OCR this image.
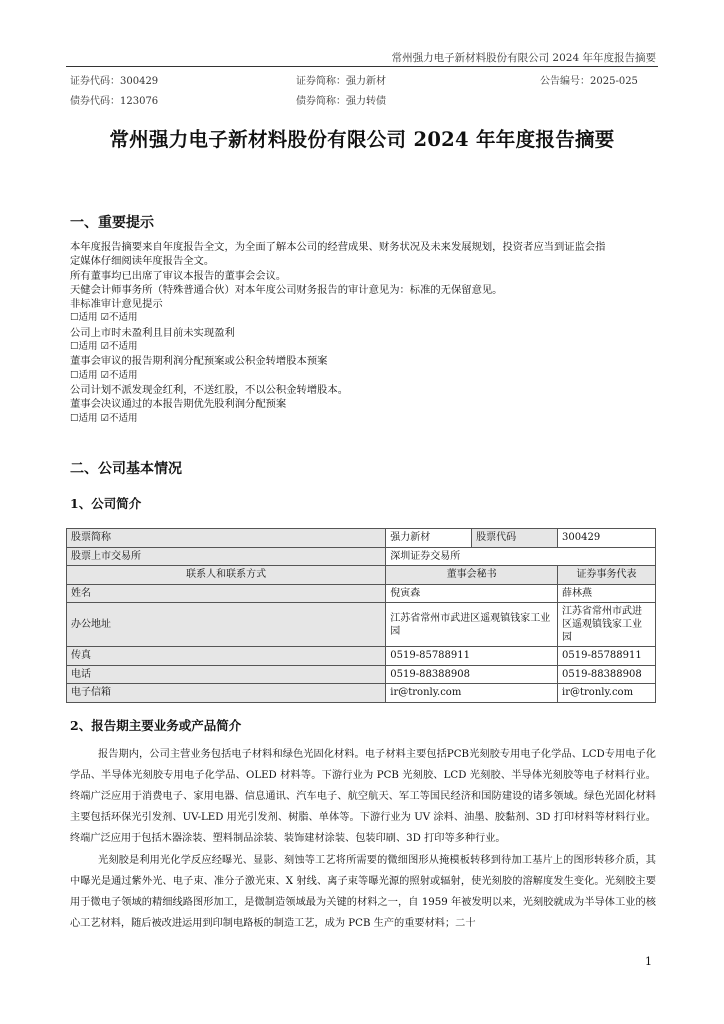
常州强力电子新材料股份有限公司 2024 年年度报告摘要
证券代码：300429	证券简称：强力新材	公告编号：2025-025
债券代码：123076	债券简称：强力转债
常州强力电子新材料股份有限公司 2024 年年度报告摘要
一、重要提示
本年度报告摘要来自年度报告全文，为全面了解本公司的经营成果、财务状况及未来发展规划，投资者应当到证监会指
定媒体仔细阅读年度报告全文。
所有董事均已出席了审议本报告的董事会会议。
天健会计师事务所（特殊普通合伙）对本年度公司财务报告的审计意见为：标准的无保留意见。
非标准审计意见提示
☐适用 ☑不适用
公司上市时未盈利且目前未实现盈利
☐适用 ☑不适用
董事会审议的报告期利润分配预案或公积金转增股本预案
☐适用 ☑不适用
公司计划不派发现金红利，不送红股，不以公积金转增股本。
董事会决议通过的本报告期优先股利润分配预案
☐适用 ☑不适用
二、公司基本情况
1、公司简介
股票简称	强力新材	股票代码	300429
股票上市交易所	深圳证券交易所		
联系人和联系方式	董事会秘书		证券事务代表
姓名	倪寅森		薛林燕
办公地址	江苏省常州市武进区遥观镇钱家工业园		江苏省常州市武进区遥观镇钱家工业园
传真	0519-85788911		0519-85788911
电话	0519-88388908		0519-88388908
电子信箱	ir@tronly.com		ir@tronly.com
2、报告期主要业务或产品简介
报告期内，公司主营业务包括电子材料和绿色光固化材料。电子材料主要包括PCB光刻胶专用电子化学品、LCD专用电子化学品、半导体光刻胶专用电子化学品、OLED 材料等。下游行业为 PCB 光刻胶、LCD 光刻胶、半导体光刻胶等电子材料行业。终端广泛应用于消费电子、家用电器、信息通讯、汽车电子、航空航天、军工等国民经济和国防建设的诸多领域。绿色光固化材料主要包括环保光引发剂、UV-LED 用光引发剂、树脂、单体等。下游行业为 UV 涂料、油墨、胶黏剂、3D 打印材料等材料行业。终端广泛应用于包括木器涂装、塑料制品涂装、装饰建材涂装、包装印刷、3D 打印等多种行业。
光刻胶是利用光化学反应经曝光、显影、刻蚀等工艺将所需要的微细图形从掩模板转移到待加工基片上的图形转移介质，其中曝光是通过紫外光、电子束、准分子激光束、X 射线、离子束等曝光源的照射或辐射，使光刻胶的溶解度发生变化。光刻胶主要用于微电子领域的精细线路图形加工，是微制造领域最为关键的材料之一，自 1959 年被发明以来，光刻胶就成为半导体工业的核心工艺材料，随后被改进运用到印制电路板的制造工艺，成为 PCB 生产的重要材料；二十
1
